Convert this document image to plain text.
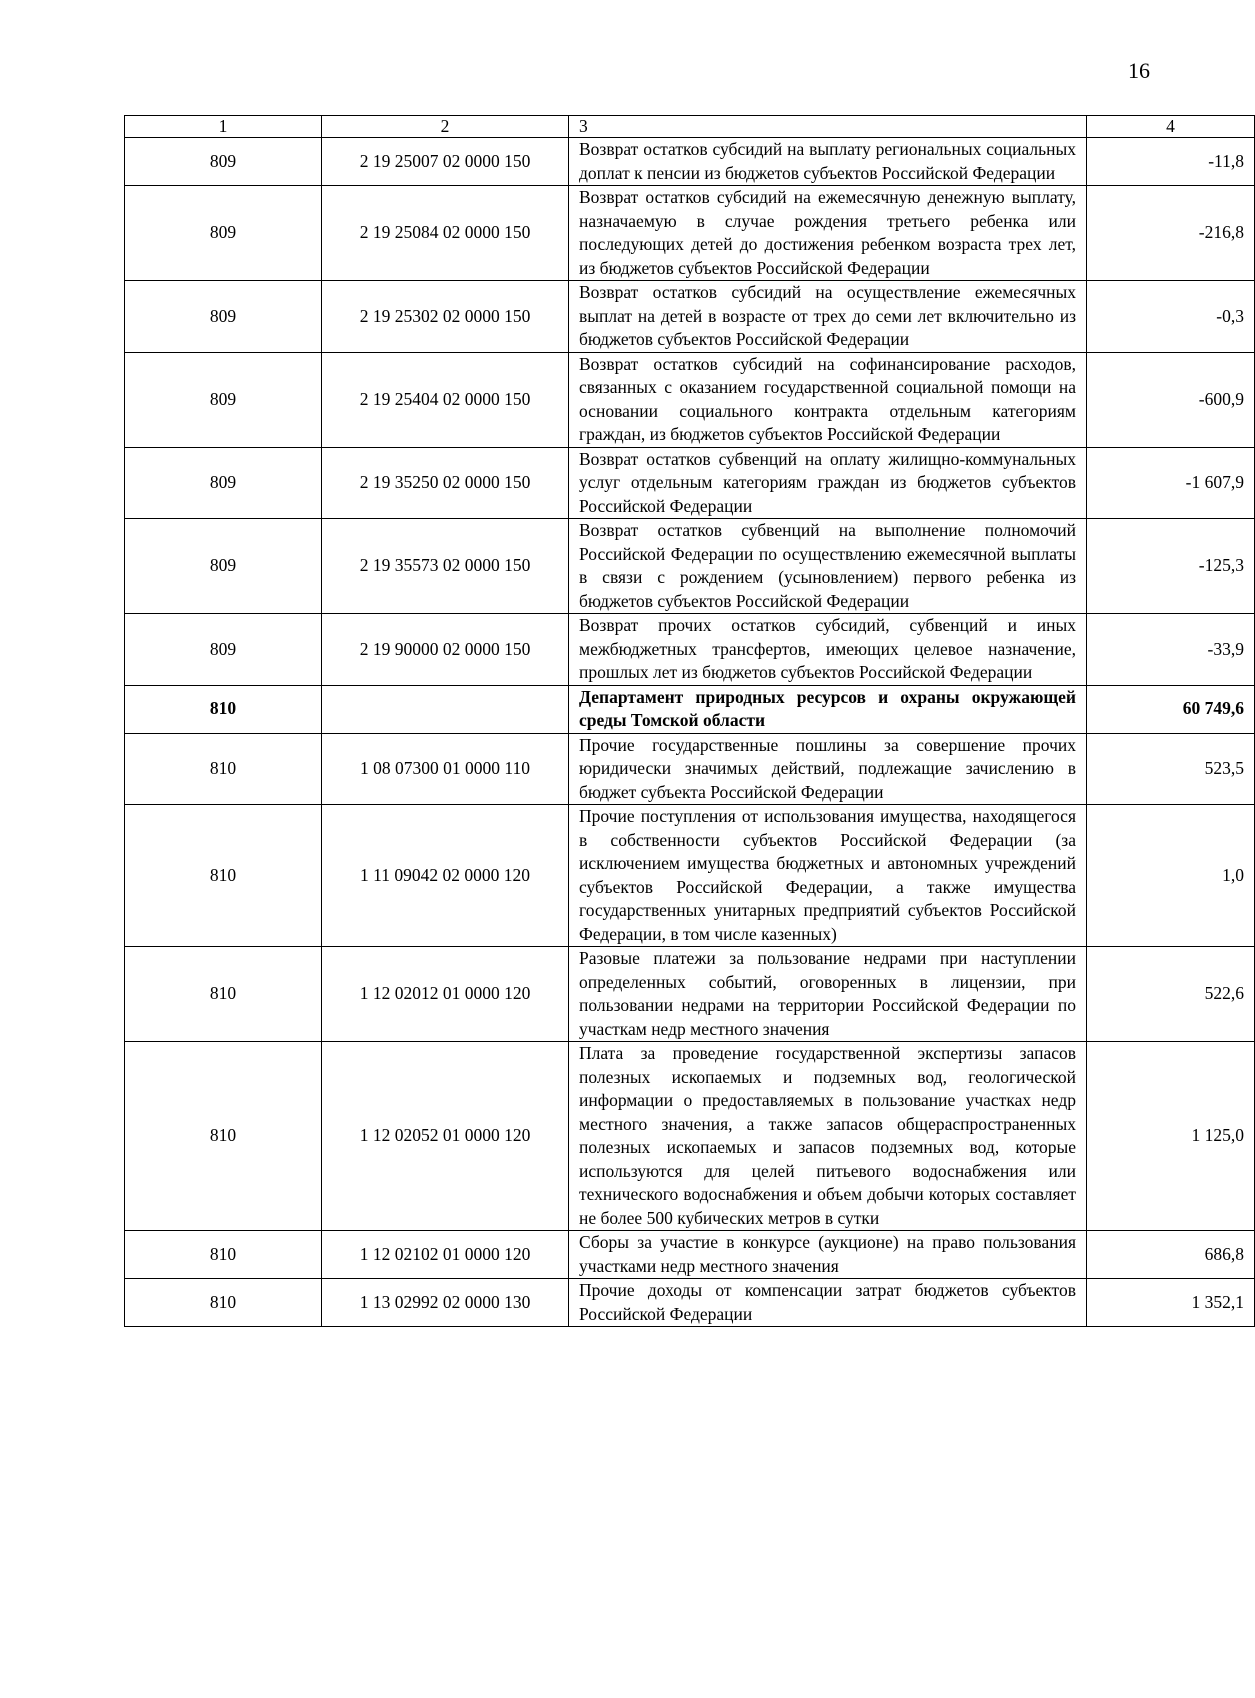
16
1	2	3	4
809	2 19 25007 02 0000 150	Возврат остатков субсидий на выплату региональных социальных доплат к пенсии из бюджетов субъектов Российской Федерации	-11,8
809	2 19 25084 02 0000 150	Возврат остатков субсидий на ежемесячную денежную выплату, назначаемую в случае рождения третьего ребенка или последующих детей до достижения ребенком возраста трех лет, из бюджетов субъектов Российской Федерации	-216,8
809	2 19 25302 02 0000 150	Возврат остатков субсидий на осуществление ежемесячных выплат на детей в возрасте от трех до семи лет включительно из бюджетов субъектов Российской Федерации	-0,3
809	2 19 25404 02 0000 150	Возврат остатков субсидий на софинансирование расходов, связанных с оказанием государственной социальной помощи на основании социального контракта отдельным категориям граждан, из бюджетов субъектов Российской Федерации	-600,9
809	2 19 35250 02 0000 150	Возврат остатков субвенций на оплату жилищно-коммунальных услуг отдельным категориям граждан из бюджетов субъектов Российской Федерации	-1 607,9
809	2 19 35573 02 0000 150	Возврат остатков субвенций на выполнение полномочий Российской Федерации по осуществлению ежемесячной выплаты в связи с рождением (усыновлением) первого ребенка из бюджетов субъектов Российской Федерации	-125,3
809	2 19 90000 02 0000 150	Возврат прочих остатков субсидий, субвенций и иных межбюджетных трансфертов, имеющих целевое назначение, прошлых лет из бюджетов субъектов Российской Федерации	-33,9
810		Департамент природных ресурсов и охраны окружающей среды Томской области	60 749,6
810	1 08 07300 01 0000 110	Прочие государственные пошлины за совершение прочих юридически значимых действий, подлежащие зачислению в бюджет субъекта Российской Федерации	523,5
810	1 11 09042 02 0000 120	Прочие поступления от использования имущества, находящегося в собственности субъектов Российской Федерации (за исключением имущества бюджетных и автономных учреждений субъектов Российской Федерации, а также имущества государственных унитарных предприятий субъектов Российской Федерации, в том числе казенных)	1,0
810	1 12 02012 01 0000 120	Разовые платежи за пользование недрами при наступлении определенных событий, оговоренных в лицензии, при пользовании недрами на территории Российской Федерации по участкам недр местного значения	522,6
810	1 12 02052 01 0000 120	Плата за проведение государственной экспертизы запасов полезных ископаемых и подземных вод, геологической информации о предоставляемых в пользование участках недр местного значения, а также запасов общераспространенных полезных ископаемых и запасов подземных вод, которые используются для целей питьевого водоснабжения или технического водоснабжения и объем добычи которых составляет не более 500 кубических метров в сутки	1 125,0
810	1 12 02102 01 0000 120	Сборы за участие в конкурсе (аукционе) на право пользования участками недр местного значения	686,8
810	1 13 02992 02 0000 130	Прочие доходы от компенсации затрат бюджетов субъектов Российской Федерации	1 352,1
